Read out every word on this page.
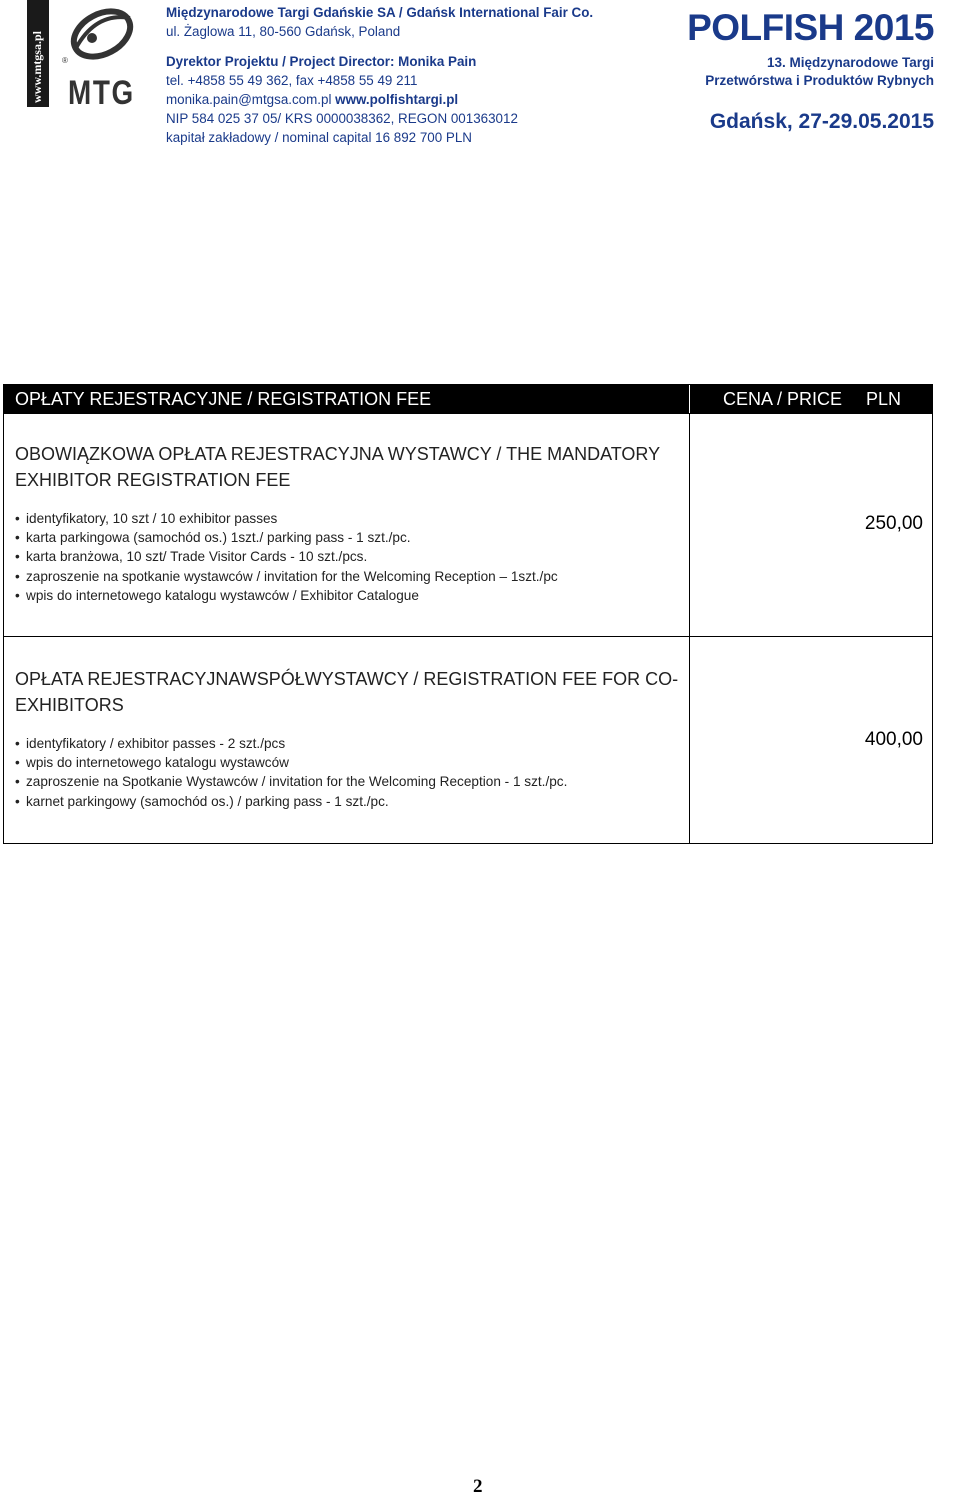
www.mtgsa.pl ®
MTG
Międzynarodowe Targi Gdańskie SA / Gdańsk International Fair Co.
ul. Żaglowa 11, 80-560 Gdańsk, Poland
Dyrektor Projektu / Project Director: Monika Pain
tel. +4858 55 49 362, fax +4858 55 49 211
monika.pain@mtgsa.com.pl www.polfishtargi.pl
NIP 584 025 37 05/ KRS 0000038362, REGON 001363012
kapitał zakładowy / nominal capital 16 892 700 PLN
POLFISH 2015
13. Międzynarodowe Targi
Przetwórstwa i Produktów Rybnych
Gdańsk, 27-29.05.2015
OPŁATY REJESTRACYJNE / REGISTRATION FEE	CENA / PRICE PLN
OBOWIĄZKOWA OPŁATA REJESTRACYJNA WYSTAWCY / THE MANDATORY EXHIBITOR REGISTRATION FEE
• identyfikatory, 10 szt / 10 exhibitor passes
• karta parkingowa (samochód os.) 1szt./ parking pass - 1 szt./pc.
• karta branżowa, 10 szt/ Trade Visitor Cards - 10 szt./pcs.
• zaproszenie na spotkanie wystawców / invitation for the Welcoming Reception – 1szt./pc
• wpis do internetowego katalogu wystawców / Exhibitor Catalogue
250,00
OPŁATA REJESTRACYJNAWSPÓŁWYSTAWCY / REGISTRATION FEE FOR CO-EXHIBITORS
• identyfikatory / exhibitor passes - 2 szt./pcs
• wpis do internetowego katalogu wystawców
• zaproszenie na Spotkanie Wystawców / invitation for the Welcoming Reception - 1 szt./pc.
• karnet parkingowy (samochód os.) / parking pass - 1 szt./pc.
400,00
2
